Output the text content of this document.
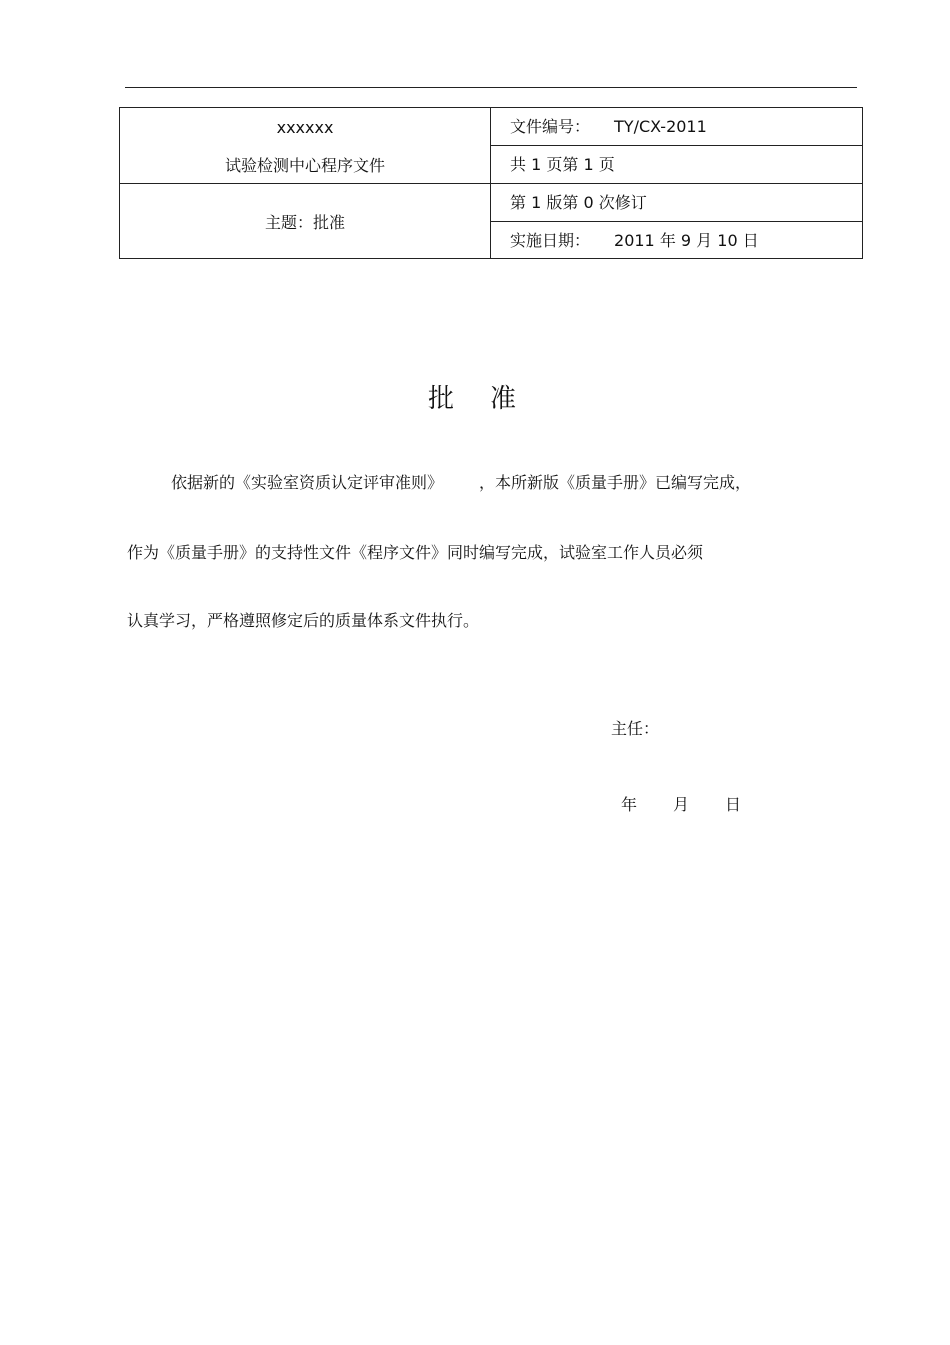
xxxxxx
试验检测中心程序文件
主题：批准
文件编号： TY/CX-2011
共 1 页第 1 页
第 1 版第 0 次修订
实施日期： 2011 年 9 月 10 日
批准
依据新的《实验室资质认定评审准则》 ，本所新版《质量手册》已编写完成，
作为《质量手册》的支持性文件《程序文件》同时编写完成，试验室工作人员必须
认真学习，严格遵照修定后的质量体系文件执行。
主任：
年 月 日
